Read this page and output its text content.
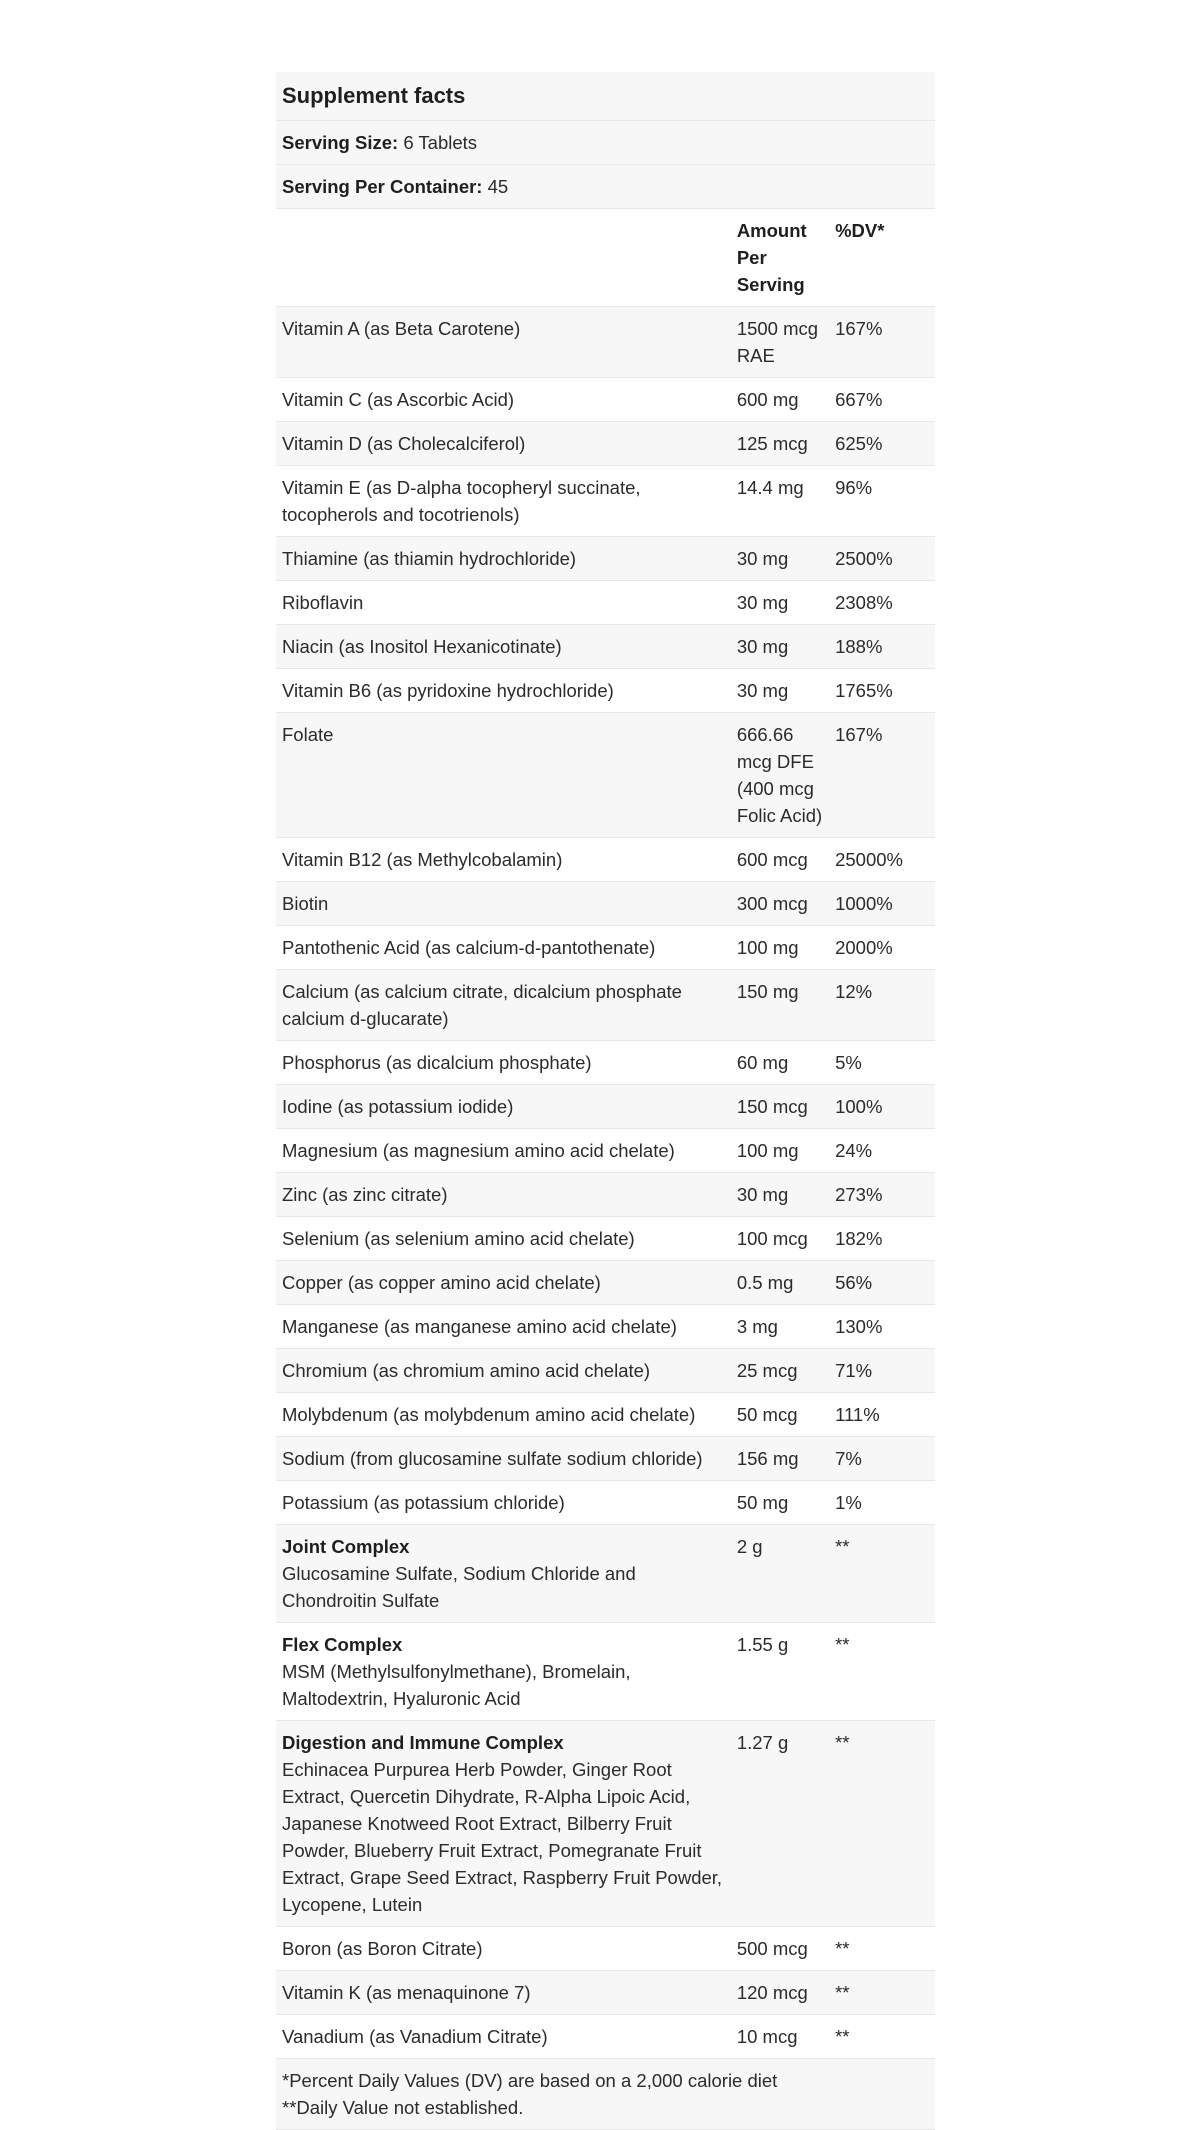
Supplement facts		
Serving Size: 6 Tablets		
Serving Per Container: 45		
	Amount Per Serving	%DV*
Vitamin A (as Beta Carotene)	1500 mcg RAE	167%
Vitamin C (as Ascorbic Acid)	600 mg	667%
Vitamin D (as Cholecalciferol)	125 mcg	625%
Vitamin E (as D-alpha tocopheryl succinate, tocopherols and tocotrienols)	14.4 mg	96%
Thiamine (as thiamin hydrochloride)	30 mg	2500%
Riboflavin	30 mg	2308%
Niacin (as Inositol Hexanicotinate)	30 mg	188%
Vitamin B6 (as pyridoxine hydrochloride)	30 mg	1765%
Folate	666.66 mcg DFE (400 mcg Folic Acid)	167%
Vitamin B12 (as Methylcobalamin)	600 mcg	25000%
Biotin	300 mcg	1000%
Pantothenic Acid (as calcium-d-pantothenate)	100 mg	2000%
Calcium (as calcium citrate, dicalcium phosphate calcium d-glucarate)	150 mg	12%
Phosphorus (as dicalcium phosphate)	60 mg	5%
Iodine (as potassium iodide)	150 mcg	100%
Magnesium (as magnesium amino acid chelate)	100 mg	24%
Zinc (as zinc citrate)	30 mg	273%
Selenium (as selenium amino acid chelate)	100 mcg	182%
Copper (as copper amino acid chelate)	0.5 mg	56%
Manganese (as manganese amino acid chelate)	3 mg	130%
Chromium (as chromium amino acid chelate)	25 mcg	71%
Molybdenum (as molybdenum amino acid chelate)	50 mcg	111%
Sodium (from glucosamine sulfate sodium chloride)	156 mg	7%
Potassium (as potassium chloride)	50 mg	1%

Joint Complex
Glucosamine Sulfate, Sodium Chloride and Chondroitin Sulfate	2 g	**

Flex Complex
MSM (Methylsulfonylmethane), Bromelain, Maltodextrin, Hyaluronic Acid	1.55 g	**

Digestion and Immune Complex
Echinacea Purpurea Herb Powder, Ginger Root Extract, Quercetin Dihydrate, R-Alpha Lipoic Acid, Japanese Knotweed Root Extract, Bilberry Fruit Powder, Blueberry Fruit Extract, Pomegranate Fruit Extract, Grape Seed Extract, Raspberry Fruit Powder, Lycopene, Lutein	1.27 g	**
Boron (as Boron Citrate)	500 mcg	**
Vitamin K (as menaquinone 7)	120 mcg	**
Vanadium (as Vanadium Citrate)	10 mcg	**

*Percent Daily Values (DV) are based on a 2,000 calorie diet
**Daily Value not established.		
